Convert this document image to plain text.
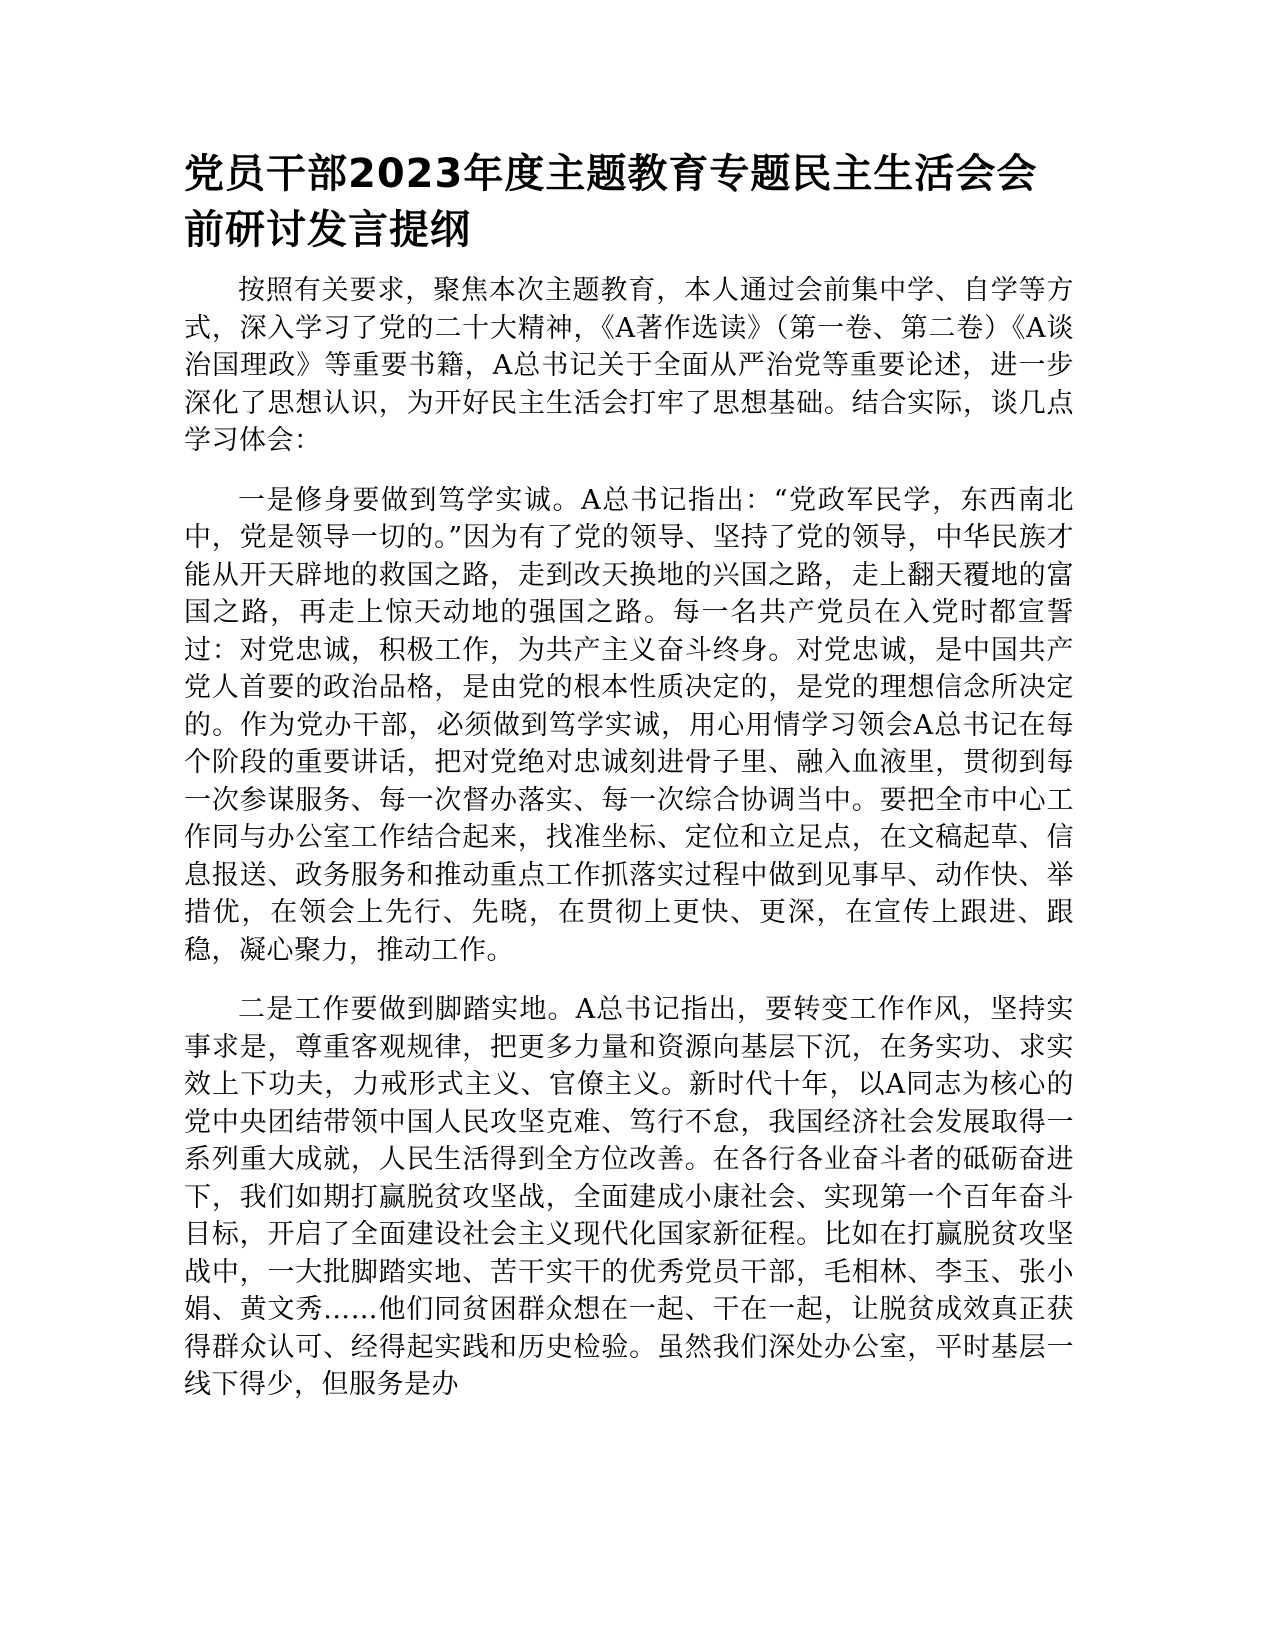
党员干部2023年度主题教育专题民主生活会会前研讨发言提纲

按照有关要求，聚焦本次主题教育，本人通过会前集中学、自学等方式，深入学习了党的二十大精神，《A著作选读》（第一卷、第二卷）《A谈治国理政》等重要书籍，A总书记关于全面从严治党等重要论述，进一步深化了思想认识，为开好民主生活会打牢了思想基础。结合实际，谈几点学习体会：

一是修身要做到笃学实诚。A总书记指出：“党政军民学，东西南北中，党是领导一切的。”因为有了党的领导、坚持了党的领导，中华民族才能从开天辟地的救国之路，走到改天换地的兴国之路，走上翻天覆地的富国之路，再走上惊天动地的强国之路。每一名共产党员在入党时都宣誓过：对党忠诚，积极工作，为共产主义奋斗终身。对党忠诚，是中国共产党人首要的政治品格，是由党的根本性质决定的，是党的理想信念所决定的。作为党办干部，必须做到笃学实诚，用心用情学习领会A总书记在每个阶段的重要讲话，把对党绝对忠诚刻进骨子里、融入血液里，贯彻到每一次参谋服务、每一次督办落实、每一次综合协调当中。要把全市中心工作同与办公室工作结合起来，找准坐标、定位和立足点，在文稿起草、信息报送、政务服务和推动重点工作抓落实过程中做到见事早、动作快、举措优，在领会上先行、先晓，在贯彻上更快、更深，在宣传上跟进、跟稳，凝心聚力，推动工作。

二是工作要做到脚踏实地。A总书记指出，要转变工作作风，坚持实事求是，尊重客观规律，把更多力量和资源向基层下沉，在务实功、求实效上下功夫，力戒形式主义、官僚主义。新时代十年，以A同志为核心的党中央团结带领中国人民攻坚克难、笃行不怠，我国经济社会发展取得一系列重大成就，人民生活得到全方位改善。在各行各业奋斗者的砥砺奋进下，我们如期打赢脱贫攻坚战，全面建成小康社会、实现第一个百年奋斗目标，开启了全面建设社会主义现代化国家新征程。比如在打赢脱贫攻坚战中，一大批脚踏实地、苦干实干的优秀党员干部，毛相林、李玉、张小娟、黄文秀……他们同贫困群众想在一起、干在一起，让脱贫成效真正获得群众认可、经得起实践和历史检验。虽然我们深处办公室，平时基层一线下得少，但服务是办
